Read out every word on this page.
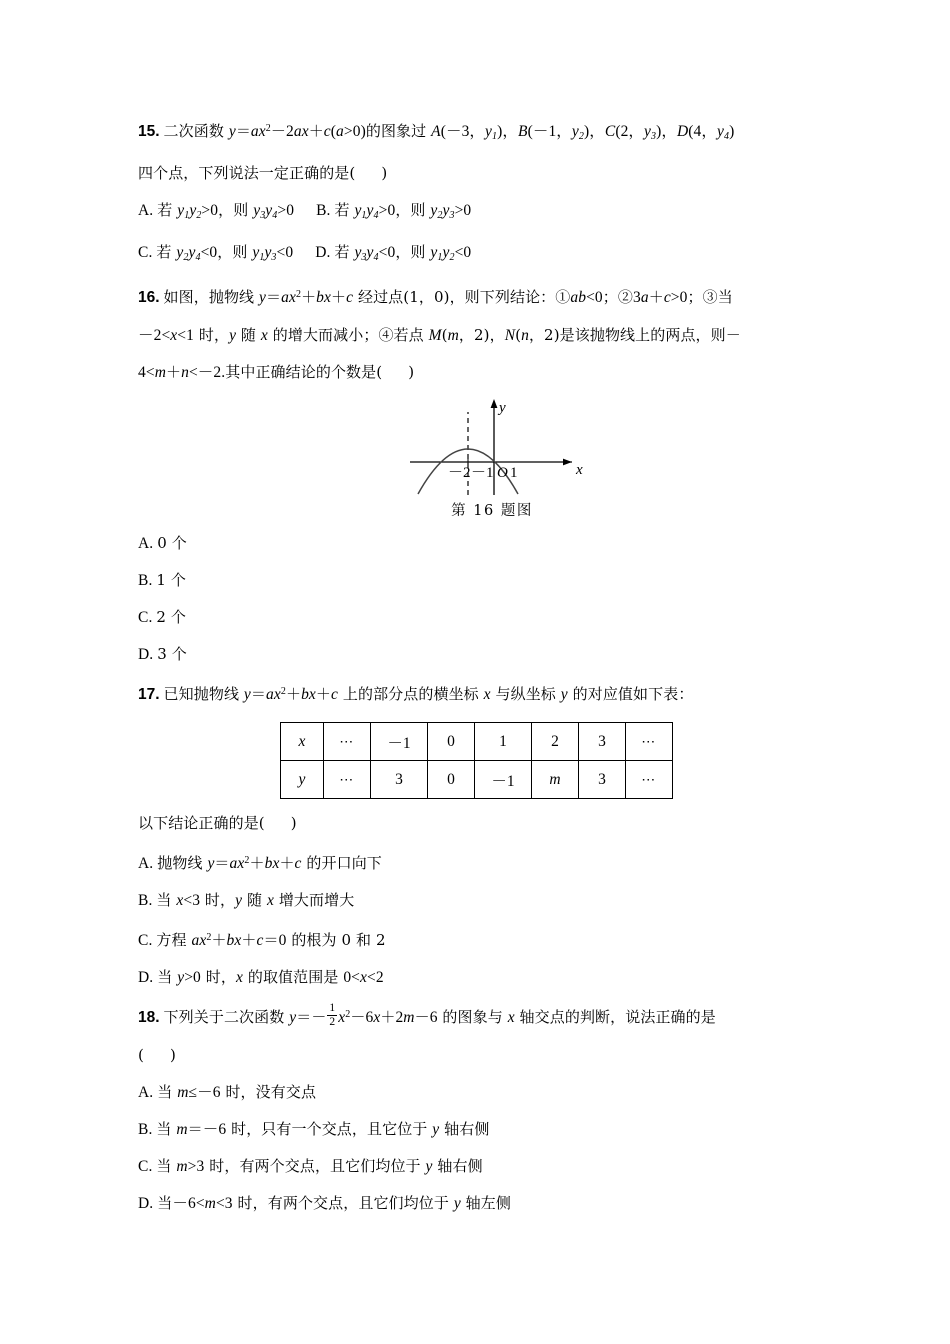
15. 二次函数 $y=ax^2-2ax+c(a>0)$的图象过 A(－3，$y_1$)，B(－1，$y_2$)，C(2，$y_3$)，D(4，$y_4$)
四个点，下列说法一定正确的是( )
A. 若 $y_1y_2>0$，则 $y_3y_4>0$ B. 若 $y_1y_4>0$，则 $y_2y_3>0$
C. 若 $y_2y_4<0$，则 $y_1y_3<0$ D. 若 $y_3y_4<0$，则 $y_1y_2<0$
16. 如图，抛物线 $y=ax^2+bx+c$ 经过点(1，0)，则下列结论：①ab<0；②3a＋c>0；③当
－2<x<1 时，y 随 x 的增大而减小；④若点 M(m，2)，N(n，2)是该抛物线上的两点，则－
4<m＋n<－2.其中正确结论的个数是( )
－2 －1 O 1	x
y
第 16 题图
A. 0 个
B. 1 个
C. 2 个
D. 3 个
17. 已知抛物线 $y=ax^2+bx+c$ 上的部分点的横坐标 x 与纵坐标 y 的对应值如下表：
x	⋯	－1	0	1	2	3	⋯
y	⋯	3	0	－1	m	3	⋯
以下结论正确的是( )
A. 抛物线 $y=ax^2+bx+c$ 的开口向下
B. 当 x<3 时，y 随 x 增大而增大
C. 方程 $ax^2+bx+c=0$ 的根为 0 和 2
D. 当 y>0 时，x 的取值范围是 0<x<2
18. 下列关于二次函数 $y=- \frac{1}{2} x^2-6x+2m-6$ 的图象与 x 轴交点的判断，说法正确的是
( )
A. 当 m≤－6 时，没有交点
B. 当 m＝－6 时，只有一个交点，且它位于 y 轴右侧
C. 当 m>3 时，有两个交点，且它们均位于 y 轴右侧
D. 当－6<m<3 时，有两个交点，且它们均位于 y 轴左侧
